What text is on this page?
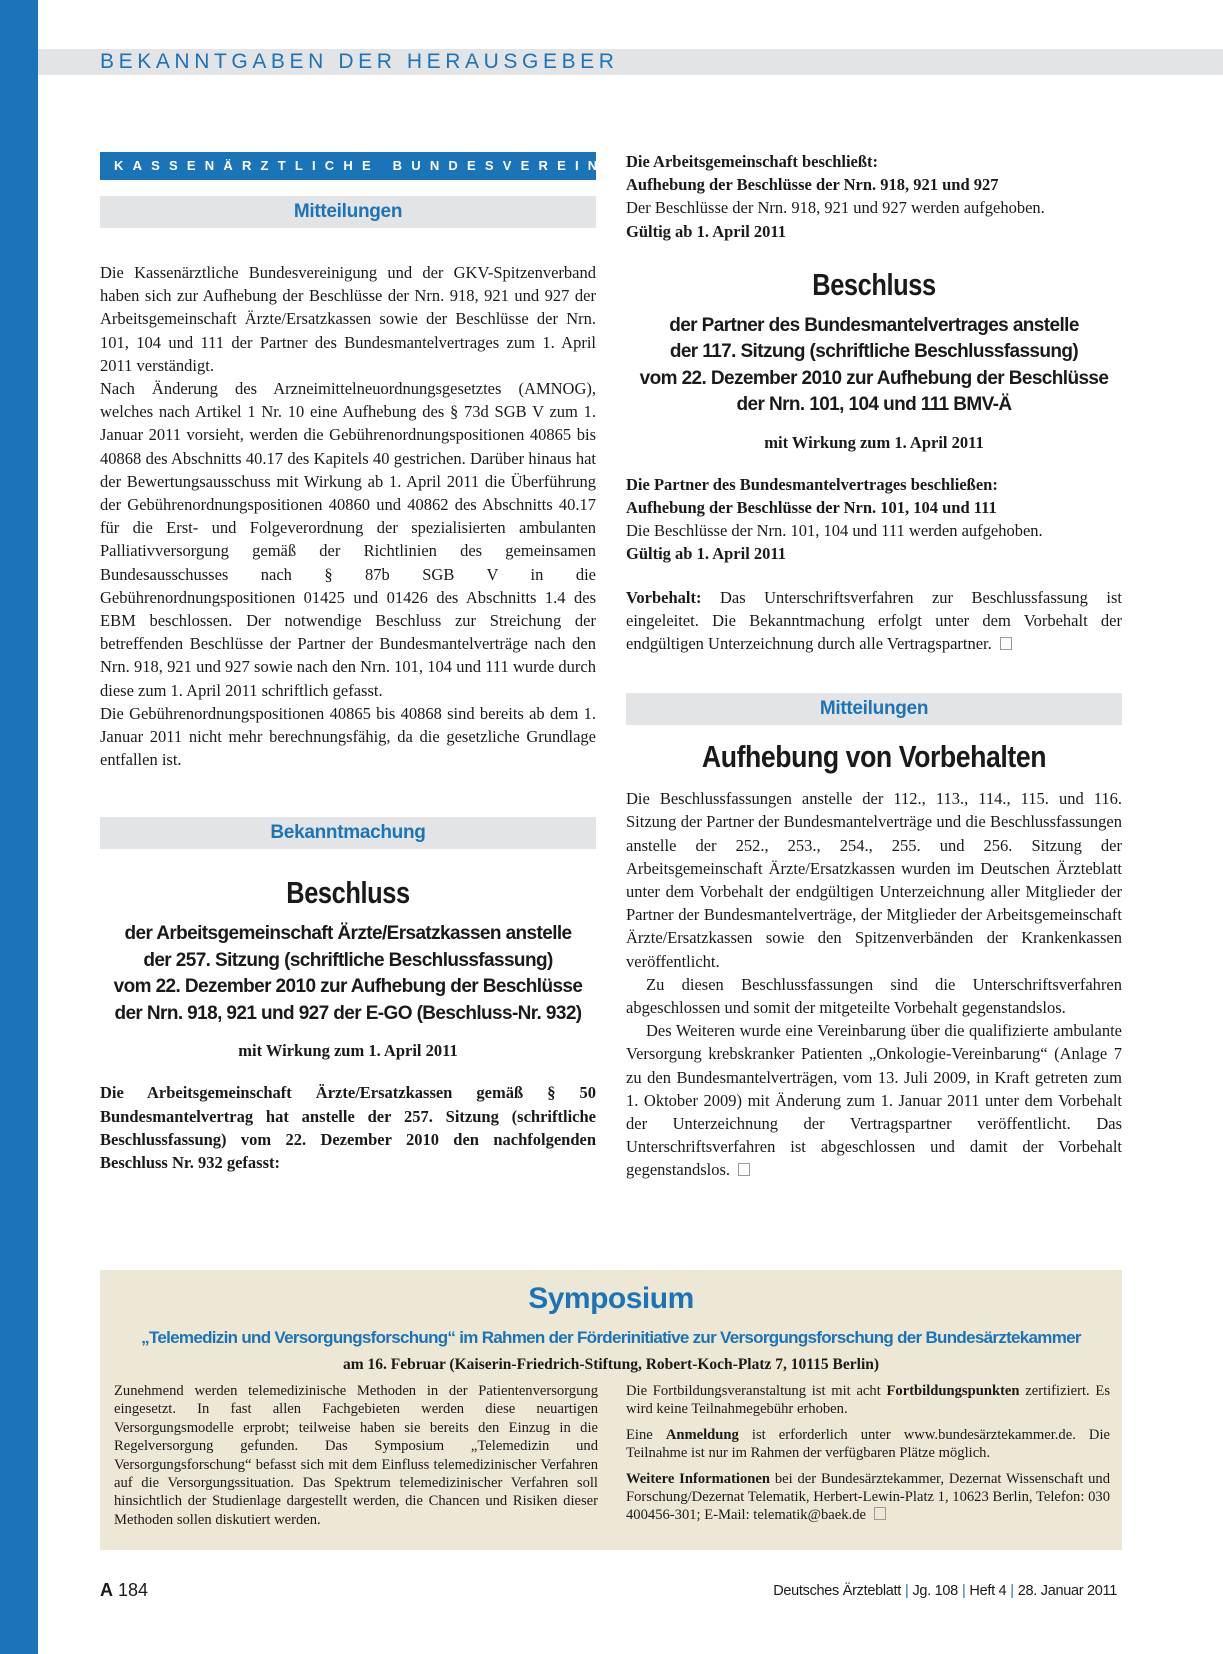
BEKANNTGABEN DER HERAUSGEBER
KASSENÄRZTLICHE BUNDESVEREINIGUNG
Mitteilungen

Die Kassenärztliche Bundesvereinigung und der GKV-Spitzenverband haben sich zur Aufhebung der Beschlüsse der Nrn. 918, 921 und 927 der Arbeitsgemeinschaft Ärzte/Ersatzkassen sowie der Beschlüsse der Nrn. 101, 104 und 111 der Partner des Bundesmantelvertrages zum 1. April 2011 verständigt.

Nach Änderung des Arzneimittelneuordnungsgesetztes (AMNOG), welches nach Artikel 1 Nr. 10 eine Aufhebung des § 73d SGB V zum 1. Januar 2011 vorsieht, werden die Gebührenordnungspositionen 40865 bis 40868 des Abschnitts 40.17 des Kapitels 40 gestrichen. Darüber hinaus hat der Bewertungsausschuss mit Wirkung ab 1. April 2011 die Überführung der Gebührenordnungspositionen 40860 und 40862 des Abschnitts 40.17 für die Erst- und Folgeverordnung der spezialisierten ambulanten Palliativversorgung gemäß der Richtlinien des gemeinsamen Bundesausschusses nach § 87b SGB V in die Gebührenordnungspositionen 01425 und 01426 des Abschnitts 1.4 des EBM beschlossen. Der notwendige Beschluss zur Streichung der betreffenden Beschlüsse der Partner der Bundesmantelverträge nach den Nrn. 918, 921 und 927 sowie nach den Nrn. 101, 104 und 111 wurde durch diese zum 1. April 2011 schriftlich gefasst.

Die Gebührenordnungspositionen 40865 bis 40868 sind bereits ab dem 1. Januar 2011 nicht mehr berechnungsfähig, da die gesetzliche Grundlage entfallen ist.

Bekanntmachung

Beschluss

der Arbeitsgemeinschaft Ärzte/Ersatzkassen anstelle

der 257. Sitzung (schriftliche Beschlussfassung)

vom 22. Dezember 2010 zur Aufhebung der Beschlüsse

der Nrn. 918, 921 und 927 der E-GO (Beschluss-Nr. 932)

mit Wirkung zum 1. April 2011

Die Arbeitsgemeinschaft Ärzte/Ersatzkassen gemäß § 50 Bundesmantelvertrag hat anstelle der 257. Sitzung (schriftliche Beschlussfassung) vom 22. Dezember 2010 den nachfolgenden Beschluss Nr. 932 gefasst:

Die Arbeitsgemeinschaft beschließt:

Aufhebung der Beschlüsse der Nrn. 918, 921 und 927

Der Beschlüsse der Nrn. 918, 921 und 927 werden aufgehoben.

Gültig ab 1. April 2011

Beschluss

der Partner des Bundesmantelvertrages anstelle

der 117. Sitzung (schriftliche Beschlussfassung)

vom 22. Dezember 2010 zur Aufhebung der Beschlüsse

der Nrn. 101, 104 und 111 BMV-Ä

mit Wirkung zum 1. April 2011

Die Partner des Bundesmantelvertrages beschließen:

Aufhebung der Beschlüsse der Nrn. 101, 104 und 111

Die Beschlüsse der Nrn. 101, 104 und 111 werden aufgehoben.

Gültig ab 1. April 2011

Vorbehalt: Das Unterschriftsverfahren zur Beschlussfassung ist eingeleitet. Die Bekanntmachung erfolgt unter dem Vorbehalt der endgültigen Unterzeichnung durch alle Vertragspartner.

Mitteilungen

Aufhebung von Vorbehalten

Die Beschlussfassungen anstelle der 112., 113., 114., 115. und 116. Sitzung der Partner der Bundesmantelverträge und die Beschlussfassungen anstelle der 252., 253., 254., 255. und 256. Sitzung der Arbeitsgemeinschaft Ärzte/Ersatzkassen wurden im Deutschen Ärzteblatt unter dem Vorbehalt der endgültigen Unterzeichnung aller Mitglieder der Partner der Bundesmantelverträge, der Mitglieder der Arbeitsgemeinschaft Ärzte/Ersatzkassen sowie den Spitzenverbänden der Krankenkassen veröffentlicht.

Zu diesen Beschlussfassungen sind die Unterschriftsverfahren abgeschlossen und somit der mitgeteilte Vorbehalt gegenstandslos.

Des Weiteren wurde eine Vereinbarung über die qualifizierte ambulante Versorgung krebskranker Patienten „Onkologie-Vereinbarung“ (Anlage 7 zu den Bundesmantelverträgen, vom 13. Juli 2009, in Kraft getreten zum 1. Oktober 2009) mit Änderung zum 1. Januar 2011 unter dem Vorbehalt der Unterzeichnung der Vertragspartner veröffentlicht. Das Unterschriftsverfahren ist abgeschlossen und damit der Vorbehalt gegenstandslos.

Symposium
„Telemedizin und Versorgungsforschung“ im Rahmen der Förderinitiative zur Versorgungsforschung der Bundesärztekammer
am 16. Februar (Kaiserin-Friedrich-Stiftung, Robert-Koch-Platz 7, 10115 Berlin)

Zunehmend werden telemedizinische Methoden in der Patientenversorgung eingesetzt. In fast allen Fachgebieten werden diese neuartigen Versorgungsmodelle erprobt; teilweise haben sie bereits den Einzug in die Regelversorgung gefunden. Das Symposium „Telemedizin und Versorgungsforschung“ befasst sich mit dem Einfluss telemedizinischer Verfahren auf die Versorgungssituation. Das Spektrum telemedizinischer Verfahren soll hinsichtlich der Studienlage dargestellt werden, die Chancen und Risiken dieser Methoden sollen diskutiert werden.

Die Fortbildungsveranstaltung ist mit acht Fortbildungspunkten zertifiziert. Es wird keine Teilnahmegebühr erhoben.

Eine Anmeldung ist erforderlich unter www.bundesärztekammer.de. Die Teilnahme ist nur im Rahmen der verfügbaren Plätze möglich.

Weitere Informationen bei der Bundesärztekammer, Dezernat Wissenschaft und Forschung/Dezernat Telematik, Herbert-Lewin-Platz 1, 10623 Berlin, Telefon: 030 400456-301; E-Mail: telematik@baek.de

A 184	Deutsches Ärzteblatt | Jg. 108 | Heft 4 | 28. Januar 2011
